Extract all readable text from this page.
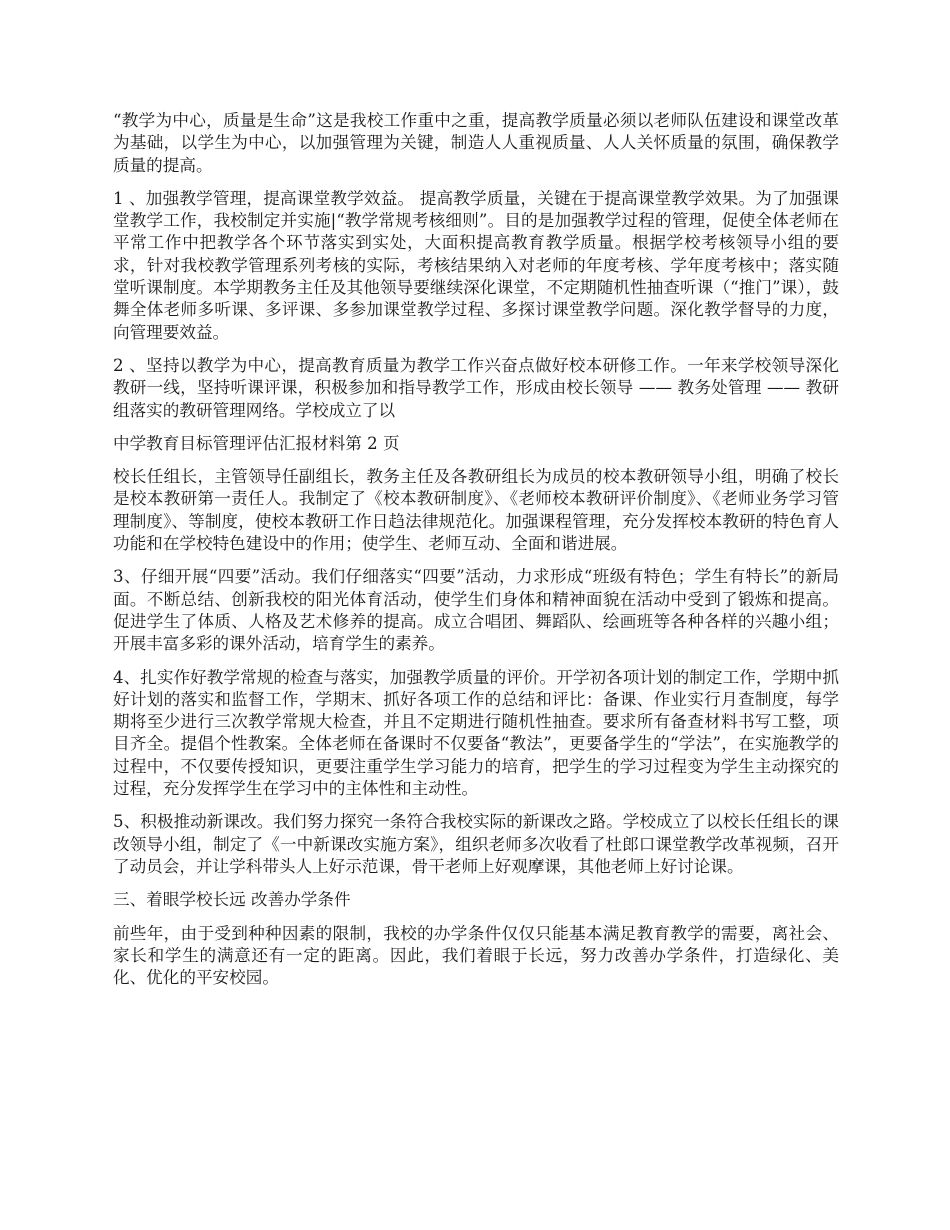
“教学为中心，质量是生命”这是我校工作重中之重，提高教学质量必须以老师队伍建设和课堂改革为基础，以学生为中心，以加强管理为关键，制造人人重视质量、人人关怀质量的氛围，确保教学质量的提高。

1 、加强教学管理，提高课堂教学效益。 提高教学质量，关键在于提高课堂教学效果。为了加强课堂教学工作，我校制定并实施|“教学常规考核细则”。目的是加强教学过程的管理，促使全体老师在平常工作中把教学各个环节落实到实处，大面积提高教育教学质量。根据学校考核领导小组的要求，针对我校教学管理系列考核的实际，考核结果纳入对老师的年度考核、学年度考核中；落实随堂听课制度。本学期教务主任及其他领导要继续深化课堂，不定期随机性抽查听课（“推门”课），鼓舞全体老师多听课、多评课、多参加课堂教学过程、多探讨课堂教学问题。深化教学督导的力度，向管理要效益。

2 、坚持以教学为中心，提高教育质量为教学工作兴奋点做好校本研修工作。一年来学校领导深化教研一线，坚持听课评课，积极参加和指导教学工作，形成由校长领导 —— 教务处管理 —— 教研组落实的教研管理网络。学校成立了以

中学教育目标管理评估汇报材料第 2 页

校长任组长，主管领导任副组长，教务主任及各教研组长为成员的校本教研领导小组，明确了校长是校本教研第一责任人。我制定了《校本教研制度》、《老师校本教研评价制度》、《老师业务学习管理制度》、等制度，使校本教研工作日趋法律规范化。加强课程管理，充分发挥校本教研的特色育人功能和在学校特色建设中的作用；使学生、老师互动、全面和谐进展。

3、仔细开展“四要”活动。我们仔细落实“四要”活动，力求形成“班级有特色；学生有特长”的新局面。不断总结、创新我校的阳光体育活动，使学生们身体和精神面貌在活动中受到了锻炼和提高。促进学生了体质、人格及艺术修养的提高。成立合唱团、舞蹈队、绘画班等各种各样的兴趣小组；开展丰富多彩的课外活动，培育学生的素养。

4、扎实作好教学常规的检查与落实，加强教学质量的评价。开学初各项计划的制定工作，学期中抓好计划的落实和监督工作，学期末、抓好各项工作的总结和评比：备课、作业实行月查制度，每学期将至少进行三次教学常规大检查，并且不定期进行随机性抽查。要求所有备查材料书写工整，项目齐全。提倡个性教案。全体老师在备课时不仅要备“教法”，更要备学生的“学法”，在实施教学的过程中，不仅要传授知识，更要注重学生学习能力的培育，把学生的学习过程变为学生主动探究的过程，充分发挥学生在学习中的主体性和主动性。

5、积极推动新课改。我们努力探究一条符合我校实际的新课改之路。学校成立了以校长任组长的课改领导小组，制定了《一中新课改实施方案》，组织老师多次收看了杜郎口课堂教学改革视频，召开了动员会，并让学科带头人上好示范课，骨干老师上好观摩课，其他老师上好讨论课。

三、着眼学校长远 改善办学条件

前些年，由于受到种种因素的限制，我校的办学条件仅仅只能基本满足教育教学的需要，离社会、家长和学生的满意还有一定的距离。因此，我们着眼于长远，努力改善办学条件，打造绿化、美化、优化的平安校园。
